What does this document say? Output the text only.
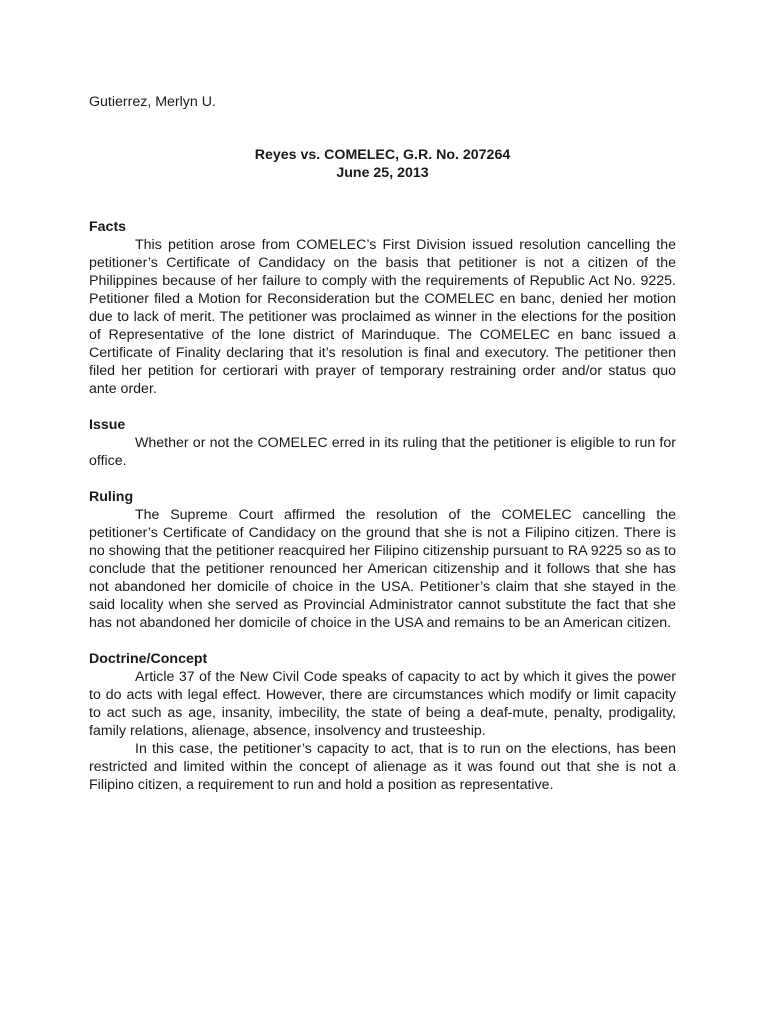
Gutierrez, Merlyn U.
Reyes vs. COMELEC, G.R. No. 207264
June 25, 2013
Facts

This petition arose from COMELEC’s First Division issued resolution cancelling the petitioner’s Certificate of Candidacy on the basis that petitioner is not a citizen of the Philippines because of her failure to comply with the requirements of Republic Act No. 9225. Petitioner filed a Motion for Reconsideration but the COMELEC en banc, denied her motion due to lack of merit. The petitioner was proclaimed as winner in the elections for the position of Representative of the lone district of Marinduque. The COMELEC en banc issued a Certificate of Finality declaring that it’s resolution is final and executory. The petitioner then filed her petition for certiorari with prayer of temporary restraining order and/or status quo ante order.

Issue

Whether or not the COMELEC erred in its ruling that the petitioner is eligible to run for office.

Ruling

The Supreme Court affirmed the resolution of the COMELEC cancelling the petitioner’s Certificate of Candidacy on the ground that she is not a Filipino citizen. There is no showing that the petitioner reacquired her Filipino citizenship pursuant to RA 9225 so as to conclude that the petitioner renounced her American citizenship and it follows that she has not abandoned her domicile of choice in the USA. Petitioner’s claim that she stayed in the said locality when she served as Provincial Administrator cannot substitute the fact that she has not abandoned her domicile of choice in the USA and remains to be an American citizen.

Doctrine/Concept

Article 37 of the New Civil Code speaks of capacity to act by which it gives the power to do acts with legal effect. However, there are circumstances which modify or limit capacity to act such as age, insanity, imbecility, the state of being a deaf-mute, penalty, prodigality, family relations, alienage, absence, insolvency and trusteeship.

In this case, the petitioner’s capacity to act, that is to run on the elections, has been restricted and limited within the concept of alienage as it was found out that she is not a Filipino citizen, a requirement to run and hold a position as representative.
